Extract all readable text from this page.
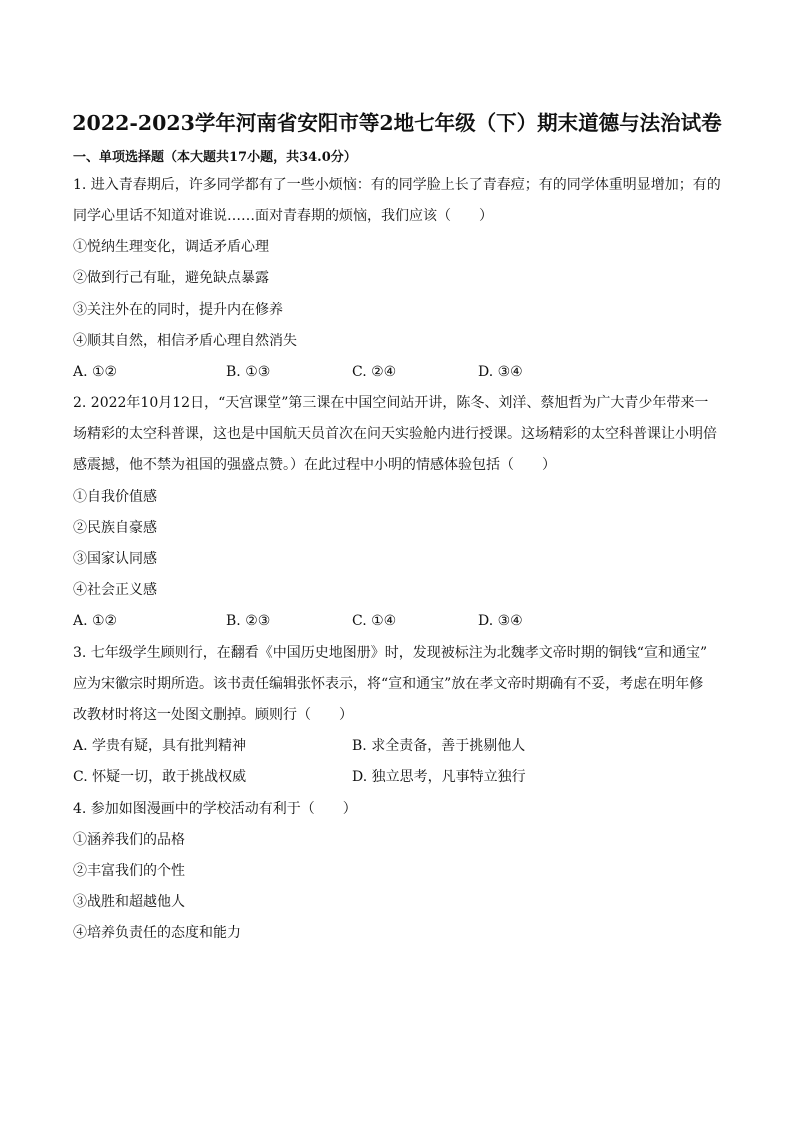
2022-2023学年河南省安阳市等2地七年级（下）期末道德与法治试卷
一、单项选择题（本大题共17小题，共34.0分）
1. 进入青春期后，许多同学都有了一些小烦恼：有的同学脸上长了青春痘；有的同学体重明显增加；有的
同学心里话不知道对谁说……面对青春期的烦恼，我们应该（　　）
①悦纳生理变化，调适矛盾心理
②做到行己有耻，避免缺点暴露
③关注外在的同时，提升内在修养
④顺其自然，相信矛盾心理自然消失
A. ①②	B. ①③	C. ②④	D. ③④
2. 2022年10月12日，“天宫课堂”第三课在中国空间站开讲，陈冬、刘洋、蔡旭哲为广大青少年带来一
场精彩的太空科普课，这也是中国航天员首次在问天实验舱内进行授课。这场精彩的太空科普课让小明倍
感震撼，他不禁为祖国的强盛点赞。）在此过程中小明的情感体验包括（　　）
①自我价值感
②民族自豪感
③国家认同感
④社会正义感
A. ①②	B. ②③	C. ①④	D. ③④
3. 七年级学生顾则行，在翻看《中国历史地图册》时，发现被标注为北魏孝文帝时期的铜钱“宣和通宝”
应为宋徽宗时期所造。该书责任编辑张怀表示，将“宣和通宝”放在孝文帝时期确有不妥，考虑在明年修
改教材时将这一处图文删掉。顾则行（　　）
A. 学贵有疑，具有批判精神	B. 求全责备，善于挑剔他人
C. 怀疑一切，敢于挑战权威	D. 独立思考，凡事特立独行
4. 参加如图漫画中的学校活动有利于（　　）
①涵养我们的品格
②丰富我们的个性
③战胜和超越他人
④培养负责任的态度和能力
